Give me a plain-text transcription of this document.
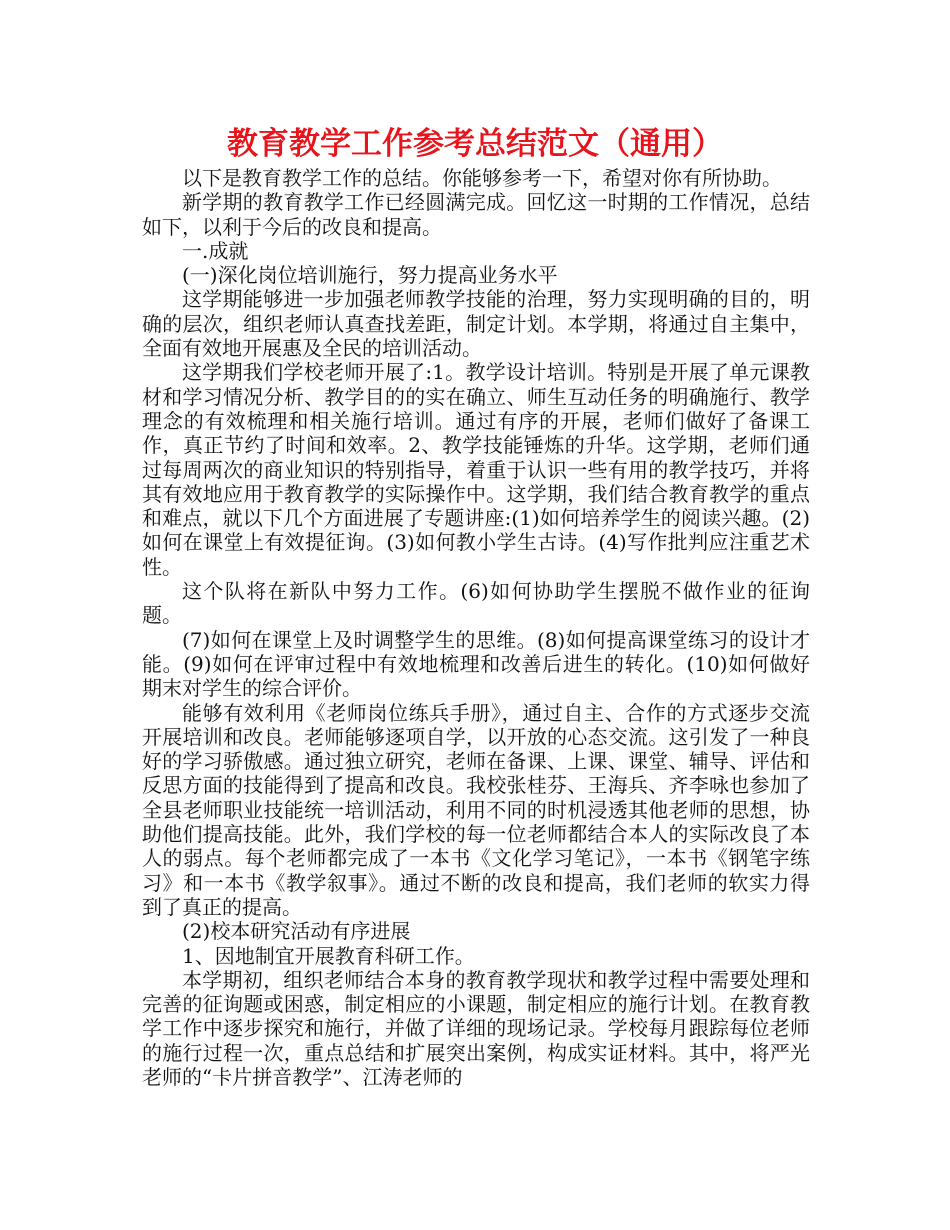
教育教学工作参考总结范文（通用）

以下是教育教学工作的总结。你能够参考一下，希望对你有所协助。

新学期的教育教学工作已经圆满完成。回忆这一时期的工作情况，总结如下，以利于今后的改良和提高。

一.成就

(一)深化岗位培训施行，努力提高业务水平

这学期能够进一步加强老师教学技能的治理，努力实现明确的目的，明确的层次，组织老师认真查找差距，制定计划。本学期，将通过自主集中，全面有效地开展惠及全民的培训活动。

这学期我们学校老师开展了:1。教学设计培训。特别是开展了单元课教材和学习情况分析、教学目的的实在确立、师生互动任务的明确施行、教学理念的有效梳理和相关施行培训。通过有序的开展，老师们做好了备课工作，真正节约了时间和效率。2、教学技能锤炼的升华。这学期，老师们通过每周两次的商业知识的特别指导，着重于认识一些有用的教学技巧，并将其有效地应用于教育教学的实际操作中。这学期，我们结合教育教学的重点和难点，就以下几个方面进展了专题讲座:(1)如何培养学生的阅读兴趣。(2)如何在课堂上有效提征询。(3)如何教小学生古诗。(4)写作批判应注重艺术性。

这个队将在新队中努力工作。(6)如何协助学生摆脱不做作业的征询题。

(7)如何在课堂上及时调整学生的思维。(8)如何提高课堂练习的设计才能。(9)如何在评审过程中有效地梳理和改善后进生的转化。(10)如何做好期末对学生的综合评价。

能够有效利用《老师岗位练兵手册》，通过自主、合作的方式逐步交流开展培训和改良。老师能够逐项自学，以开放的心态交流。这引发了一种良好的学习骄傲感。通过独立研究，老师在备课、上课、课堂、辅导、评估和反思方面的技能得到了提高和改良。我校张桂芬、王海兵、齐李咏也参加了全县老师职业技能统一培训活动，利用不同的时机浸透其他老师的思想，协助他们提高技能。此外，我们学校的每一位老师都结合本人的实际改良了本人的弱点。每个老师都完成了一本书《文化学习笔记》，一本书《钢笔字练习》和一本书《教学叙事》。通过不断的改良和提高，我们老师的软实力得到了真正的提高。

(2)校本研究活动有序进展

1、因地制宜开展教育科研工作。

本学期初，组织老师结合本身的教育教学现状和教学过程中需要处理和完善的征询题或困惑，制定相应的小课题，制定相应的施行计划。在教育教学工作中逐步探究和施行，并做了详细的现场记录。学校每月跟踪每位老师的施行过程一次，重点总结和扩展突出案例，构成实证材料。其中，将严光老师的“卡片拼音教学”、江涛老师的
